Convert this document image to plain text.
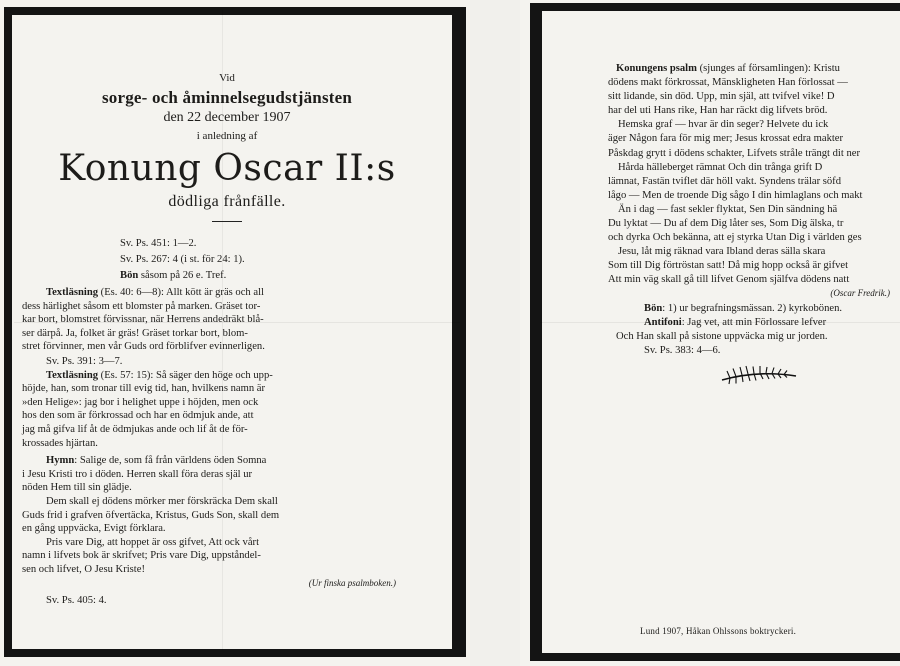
Vid
sorge- och åminnelsegudstjänsten
den 22 december 1907
i anledning af
Konung Oscar II:s
dödliga frånfälle.
Sv. Ps. 451: 1—2.
Sv. Ps. 267: 4 (i st. för 24: 1).
Bön såsom på 26 e. Tref.
Textläsning (Es. 40: 6—8): Allt kött är gräs och all
dess härlighet såsom ett blomster på marken. Gräset tor-
kar bort, blomstret förvissnar, när Herrens andedräkt blå-
ser därpå. Ja, folket är gräs! Gräset torkar bort, blom-
stret förvinner, men vår Guds ord förblifver evinnerligen.
Sv. Ps. 391: 3—7.
Textläsning (Es. 57: 15): Så säger den höge och upp-
höjde, han, som tronar till evig tid, han, hvilkens namn är
»den Helige»: jag bor i helighet uppe i höjden, men ock
hos den som är förkrossad och har en ödmjuk ande, att
jag må gifva lif åt de ödmjukas ande och lif åt de för-
krossades hjärtan.
Hymn: Salige de, som få från världens öden Somna
i Jesu Kristi tro i döden. Herren skall föra deras själ ur
nöden Hem till sin glädje.
Dem skall ej dödens mörker mer förskräcka Dem skall
Guds frid i grafven öfvertäcka, Kristus, Guds Son, skall dem
en gång uppväcka, Evigt förklara.
Pris vare Dig, att hoppet är oss gifvet, Att ock vårt
namn i lifvets bok är skrifvet; Pris vare Dig, uppståndel-
sen och lifvet, O Jesu Kriste!
(Ur finska psalmboken.)
Sv. Ps. 405: 4.
Konungens psalm (sjunges af församlingen): Kristu
dödens makt förkrossat, Mänskligheten Han förlossat —
sitt lidande, sin död. Upp, min själ, att tvifvel vike! D
har del uti Hans rike, Han har räckt dig lifvets bröd.
Hemska graf — hvar är din seger? Helvete du ick
äger Någon fara för mig mer; Jesus krossat edra makter
Påskdag grytt i dödens schakter, Lifvets stråle trängt dit ner
Hårda hälleberget rämnat Och din trånga grift D
lämnat, Fastän tviflet där höll vakt. Syndens trälar söfd
lågo — Men de troende Dig sågo I din himlaglans och makt
Än i dag — fast sekler flyktat, Sen Din sändning hä
Du lyktat — Du af dem Dig låter ses, Som Dig älska, tr
och dyrka Och bekänna, att ej styrka Utan Dig i världen ges
Jesu, låt mig räknad vara Ibland deras sälla skara
Som till Dig förtröstan satt! Då mig hopp också är gifvet
Att min väg skall gå till lifvet Genom själfva dödens natt
(Oscar Fredrik.)
Bön: 1) ur begrafningsmässan. 2) kyrkobönen.
Antifoni: Jag vet, att min Förlossare lefver
Och Han skall på sistone uppväcka mig ur jorden.
Sv. Ps. 383: 4—6.
Lund 1907, Håkan Ohlssons boktryckeri.
